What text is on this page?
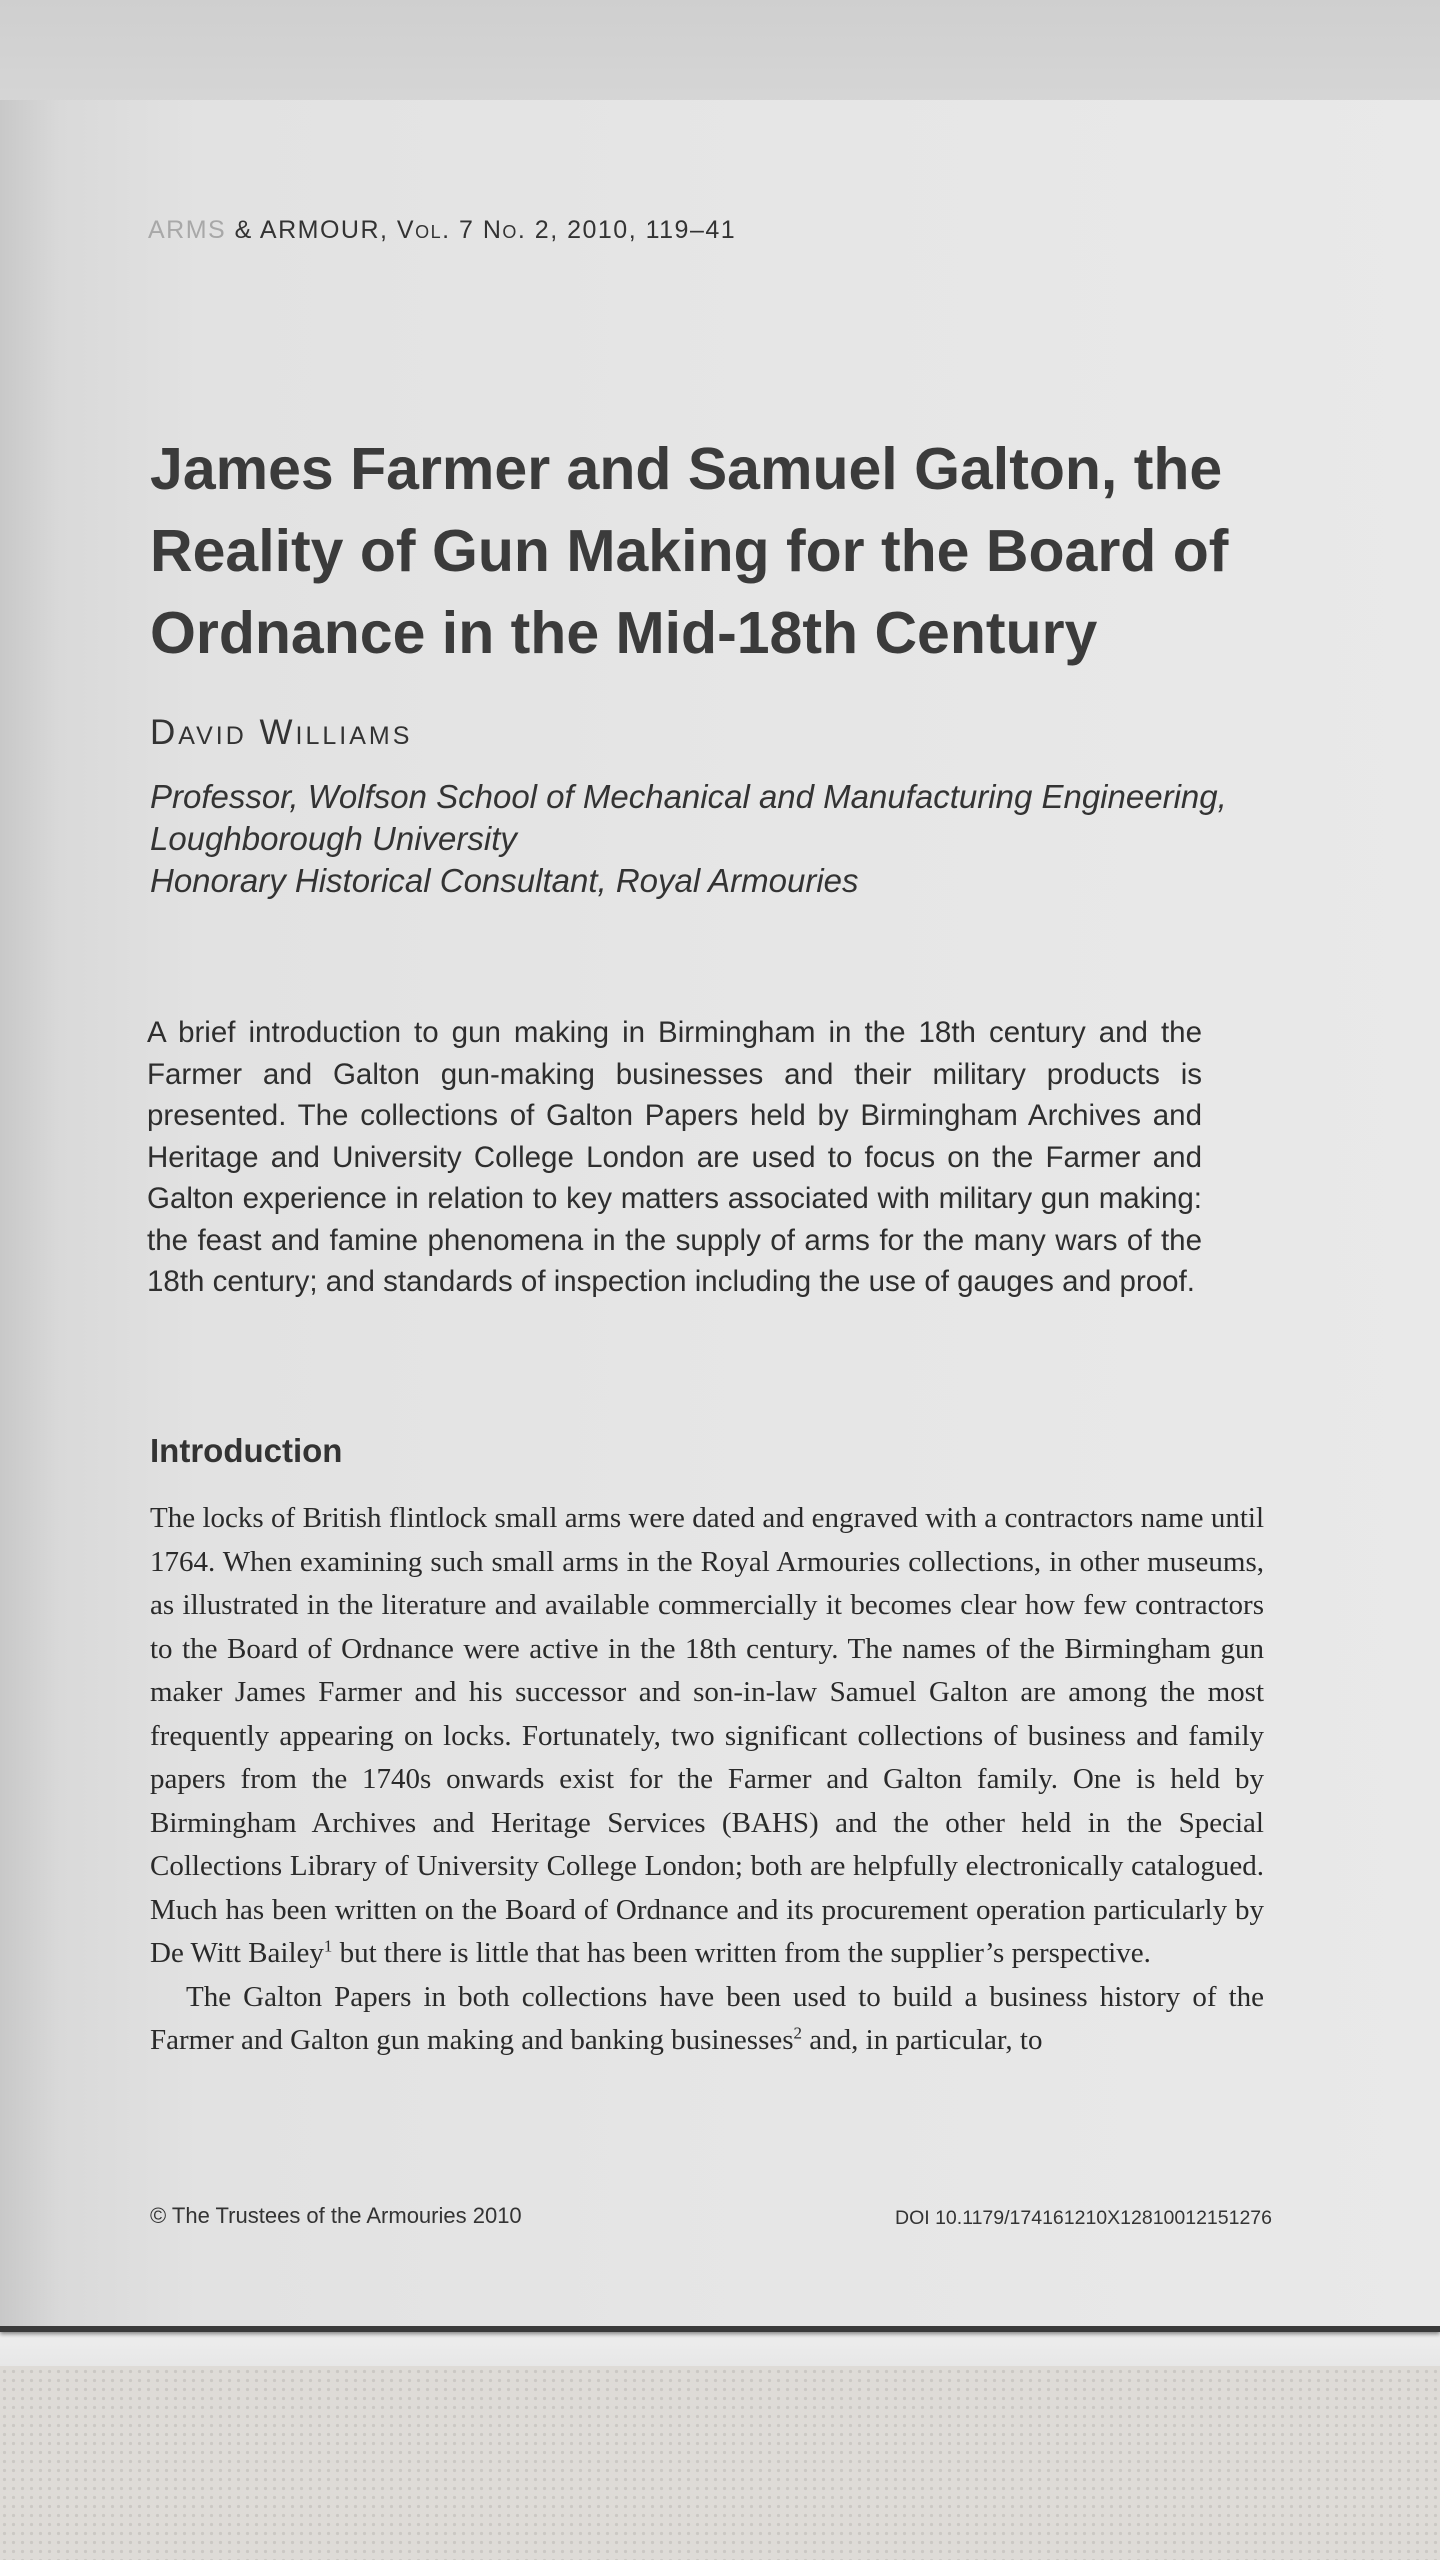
ARMS & ARMOUR, Vol. 7 No. 2, 2010, 119–41
James Farmer and Samuel Galton, the Reality of Gun Making for the Board of Ordnance in the Mid-18th Century
David Williams
Professor, Wolfson School of Mechanical and Manufacturing Engineering,
Loughborough University
Honorary Historical Consultant, Royal Armouries

A brief introduction to gun making in Birmingham in the 18th century and the Farmer and Galton gun-making businesses and their military products is presented. The collections of Galton Papers held by Birmingham Archives and Heritage and University College London are used to focus on the Farmer and Galton experience in relation to key matters associated with military gun making: the feast and famine phenomena in the supply of arms for the many wars of the 18th century; and standards of inspection including the use of gauges and proof.

Introduction

The locks of British flintlock small arms were dated and engraved with a contractors name until 1764. When examining such small arms in the Royal Armouries collections, in other museums, as illustrated in the literature and available commercially it becomes clear how few contractors to the Board of Ordnance were active in the 18th century. The names of the Birmingham gun maker James Farmer and his successor and son-in-law Samuel Galton are among the most frequently appearing on locks. Fortunately, two significant collections of business and family papers from the 1740s onwards exist for the Farmer and Galton family. One is held by Birmingham Archives and Heritage Services (BAHS) and the other held in the Special Collections Library of University College London; both are helpfully electronically catalogued. Much has been written on the Board of Ordnance and its procurement operation particularly by De Witt Bailey$^1$ but there is little that has been written from the supplier’s perspective.

The Galton Papers in both collections have been used to build a business history of the Farmer and Galton gun making and banking businesses$^2$ and, in particular, to

© The Trustees of the Armouries 2010	DOI 10.1179/174161210X12810012151276
